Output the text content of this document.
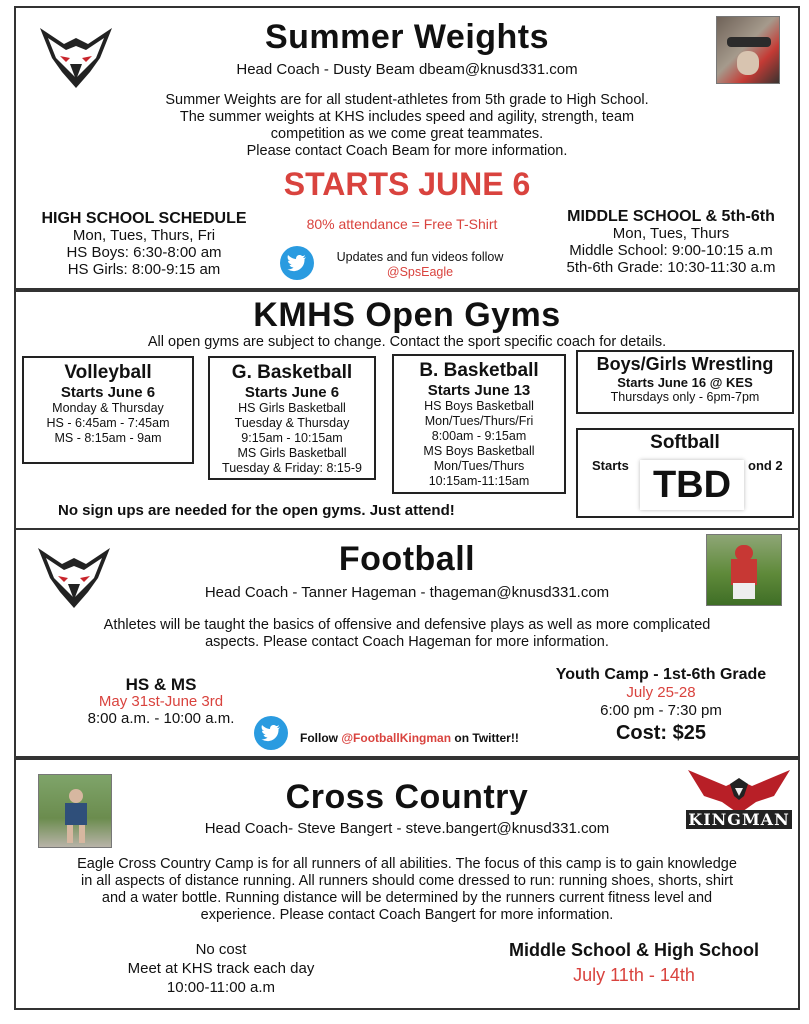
Summer Weights
Head Coach - Dusty Beam dbeam@knusd331.com
Summer Weights are for all student-athletes from 5th grade to High School.
The summer weights at KHS includes speed and agility, strength, team
competition as we come great teammates.
Please contact Coach Beam for more information.
STARTS JUNE 6
HIGH SCHOOL SCHEDULE
Mon, Tues, Thurs, Fri
HS Boys: 6:30-8:00 am
HS Girls: 8:00-9:15 am
80% attendance = Free T-Shirt
Updates and fun videos follow
@SpsEagle
MIDDLE SCHOOL & 5th-6th
Mon, Tues, Thurs
Middle School: 9:00-10:15 a.m
5th-6th Grade: 10:30-11:30 a.m
KMHS Open Gyms
All open gyms are subject to change. Contact the sport specific coach for details.
Volleyball
Starts June 6
Monday & Thursday
HS - 6:45am - 7:45am
MS - 8:15am - 9am
G. Basketball
Starts June 6
HS Girls Basketball
Tuesday & Thursday
9:15am - 10:15am
MS Girls Basketball
Tuesday & Friday: 8:15-9
B. Basketball
Starts June 13
HS Boys Basketball
Mon/Tues/Thurs/Fri
8:00am - 9:15am
MS Boys Basketball
Mon/Tues/Thurs
10:15am-11:15am
Boys/Girls Wrestling
Starts June 16 @ KES
Thursdays only - 6pm-7pm
Softball
Starts	ond 2
TBD
No sign ups are needed for the open gyms. Just attend!
Football
Head Coach - Tanner Hageman - thageman@knusd331.com
Athletes will be taught the basics of offensive and defensive plays as well as more complicated
aspects. Please contact Coach Hageman for more information.
HS & MS
May 31st-June 3rd
8:00 a.m. - 10:00 a.m.
Follow @FootballKingman on Twitter!!
Youth Camp - 1st-6th Grade
July 25-28
6:00 pm - 7:30 pm
Cost: $25
KINGMAN
Cross Country
Head Coach- Steve Bangert - steve.bangert@knusd331.com
Eagle Cross Country Camp is for all runners of all abilities. The focus of this camp is to gain knowledge
in all aspects of distance running. All runners should come dressed to run: running shoes, shorts, shirt
and a water bottle. Running distance will be determined by the runners current fitness level and
experience. Please contact Coach Bangert for more information.
No cost
Meet at KHS track each day
10:00-11:00 a.m
Middle School & High School
July 11th - 14th
